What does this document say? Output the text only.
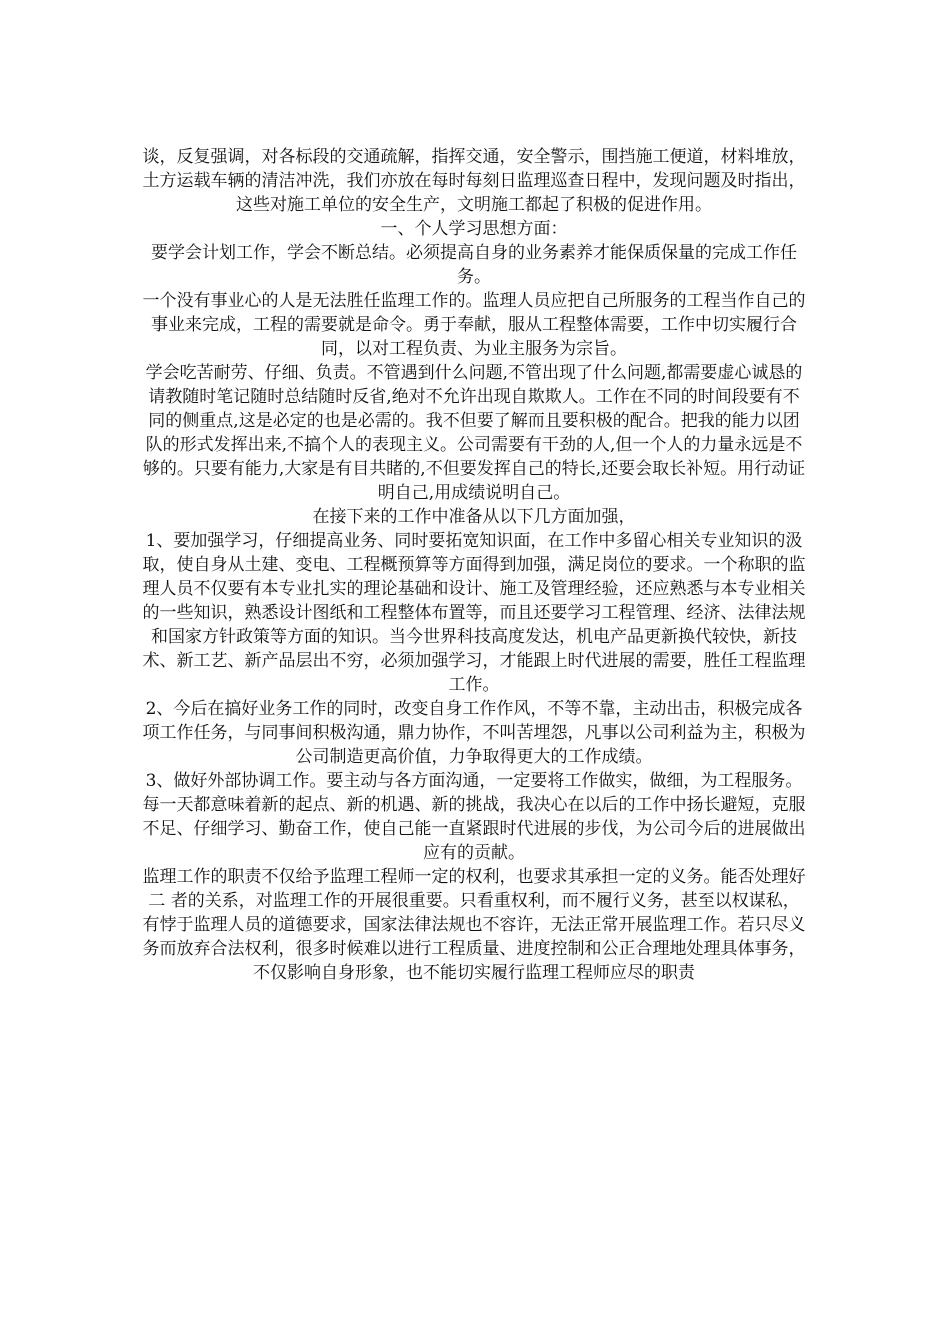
谈，反复强调，对各标段的交通疏解，指挥交通，安全警示，围挡施工便道，材料堆放，土方运载车辆的清洁冲洗，我们亦放在每时每刻日监理巡查日程中，发现问题及时指出，这些对施工单位的安全生产，文明施工都起了积极的促进作用。

一、个人学习思想方面：

要学会计划工作，学会不断总结。必须提高自身的业务素养才能保质保量的完成工作任务。

一个没有事业心的人是无法胜任监理工作的。监理人员应把自己所服务的工程当作自己的事业来完成，工程的需要就是命令。勇于奉献，服从工程整体需要，工作中切实履行合同，以对工程负责、为业主服务为宗旨。

学会吃苦耐劳、仔细、负责。不管遇到什么问题,不管出现了什么问题,都需要虚心诚恳的请教随时笔记随时总结随时反省,绝对不允许出现自欺欺人。工作在不同的时间段要有不同的侧重点,这是必定的也是必需的。我不但要了解而且要积极的配合。把我的能力以团队的形式发挥出来,不搞个人的表现主义。公司需要有干劲的人,但一个人的力量永远是不够的。只要有能力,大家是有目共睹的,不但要发挥自己的特长,还要会取长补短。用行动证明自己,用成绩说明自己。

在接下来的工作中准备从以下几方面加强，

1、要加强学习，仔细提高业务、同时要拓宽知识面，在工作中多留心相关专业知识的汲取，使自身从土建、变电、工程概预算等方面得到加强，满足岗位的要求。一个称职的监理人员不仅要有本专业扎实的理论基础和设计、施工及管理经验，还应熟悉与本专业相关的一些知识，熟悉设计图纸和工程整体布置等，而且还要学习工程管理、经济、法律法规和国家方针政策等方面的知识。当今世界科技高度发达，机电产品更新换代较快，新技术、新工艺、新产品层出不穷，必须加强学习，才能跟上时代进展的需要，胜任工程监理工作。

2、今后在搞好业务工作的同时，改变自身工作作风，不等不靠，主动出击，积极完成各项工作任务，与同事间积极沟通，鼎力协作，不叫苦埋怨，凡事以公司利益为主，积极为公司制造更高价值，力争取得更大的工作成绩。

3、做好外部协调工作。要主动与各方面沟通，一定要将工作做实，做细，为工程服务。

每一天都意味着新的起点、新的机遇、新的挑战，我决心在以后的工作中扬长避短，克服不足、仔细学习、勤奋工作，使自己能一直紧跟时代进展的步伐，为公司今后的进展做出应有的贡献。

监理工作的职责不仅给予监理工程师一定的权利，也要求其承担一定的义务。能否处理好二 者的关系，对监理工作的开展很重要。只看重权利，而不履行义务，甚至以权谋私，有悖于监理人员的道德要求，国家法律法规也不容许，无法正常开展监理工作。若只尽义务而放弃合法权利，很多时候难以进行工程质量、进度控制和公正合理地处理具体事务，不仅影响自身形象，也不能切实履行监理工程师应尽的职责
